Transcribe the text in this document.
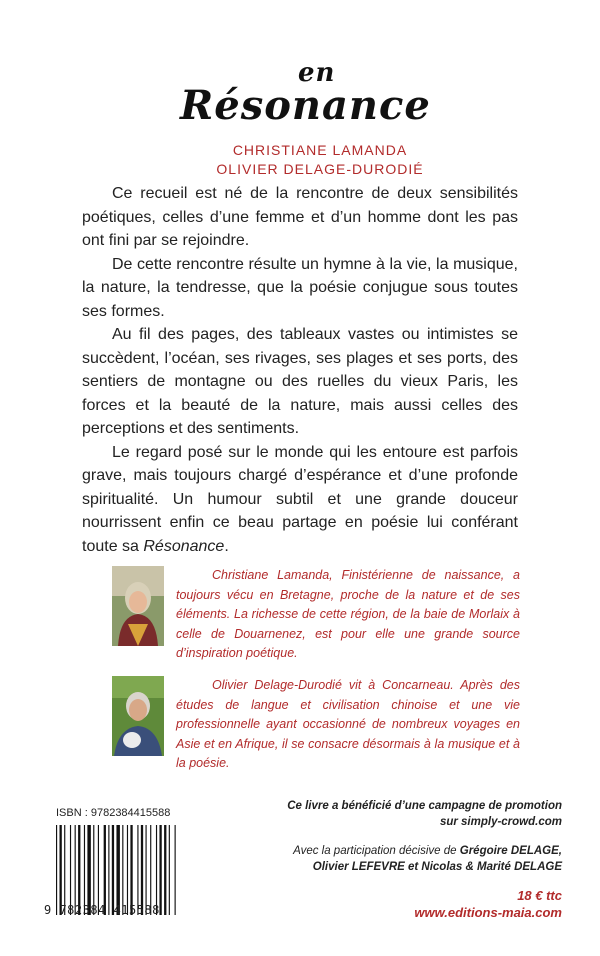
en
Résonance
CHRISTIANE LAMANDA
OLIVIER DELAGE-DURODIÉ

Ce recueil est né de la rencontre de deux sensibilités poétiques, celles d’une femme et d’un homme dont les pas ont fini par se rejoindre.

De cette rencontre résulte un hymne à la vie, la musique, la nature, la tendresse, que la poésie conjugue sous toutes ses formes.

Au fil des pages, des tableaux vastes ou intimistes se succèdent, l’océan, ses rivages, ses plages et ses ports, des sentiers de montagne ou des ruelles du vieux Paris, les forces et la beauté de la nature, mais aussi celles des perceptions et des sentiments.

Le regard posé sur le monde qui les entoure est parfois grave, mais toujours chargé d’espérance et d’une profonde spiritualité. Un humour subtil et une grande douceur nourrissent enfin ce beau partage en poésie lui conférant toute sa Résonance.

Christiane Lamanda, Finistérienne de naissance, a toujours vécu en Bretagne, proche de la nature et de ses éléments. La richesse de cette région, de la baie de Morlaix à celle de Douarnenez, est pour elle une grande source d’inspiration poétique.
Olivier Delage-Durodié vit à Concarneau. Après des études de langue et civilisation chinoise et une vie professionnelle ayant occasionné de nombreux voyages en Asie et en Afrique, il se consacre désormais à la musique et à la poésie.
ISBN : 9782384415588
9 782384 415588
Ce livre a bénéficié d’une campagne de promotion
sur simply-crowd.com
Avec la participation décisive de Grégoire DELAGE,
Olivier LEFEVRE et Nicolas & Marité DELAGE
18 € ttc
www.editions-maia.com
